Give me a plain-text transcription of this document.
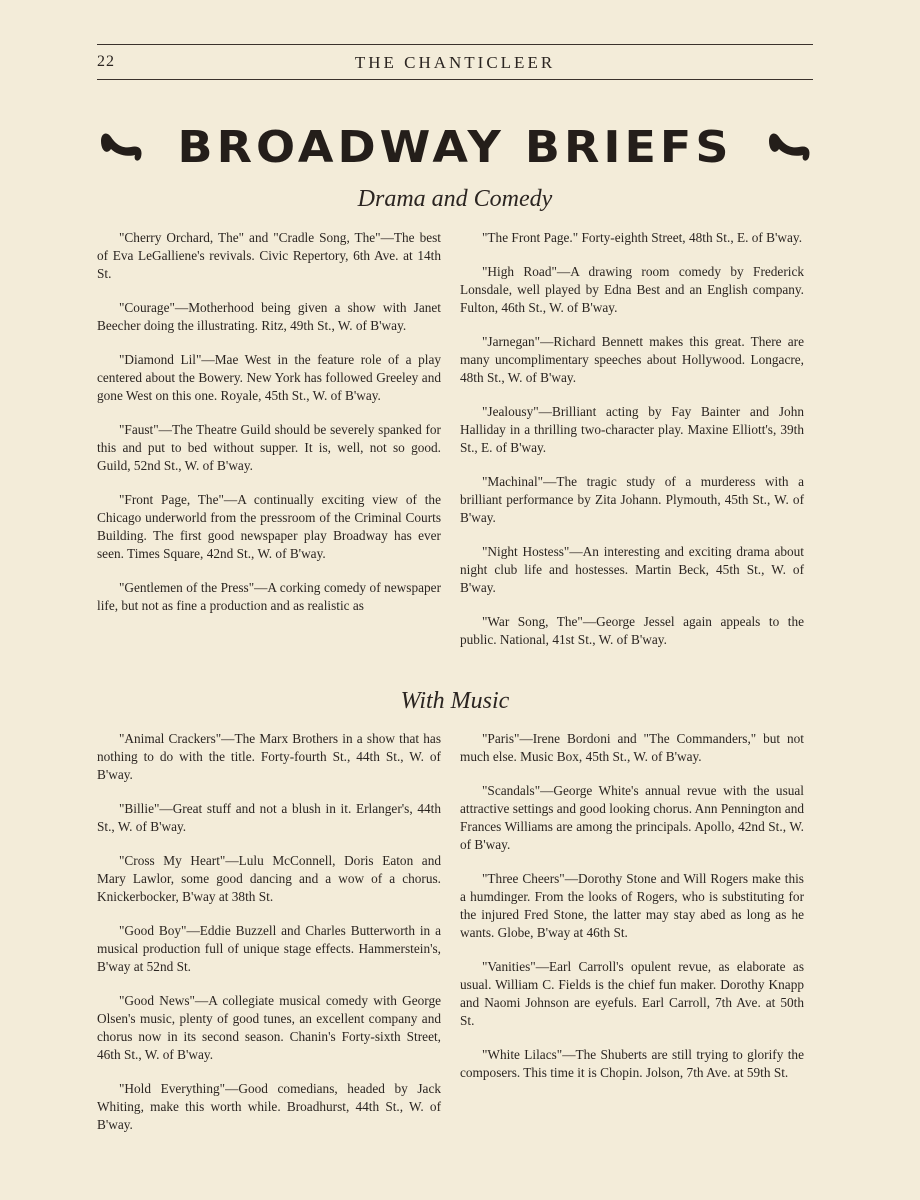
22	THE CHANTICLEER
BROADWAY BRIEFS
Drama and Comedy

"Cherry Orchard, The" and "Cradle Song, The"—The best of Eva LeGalliene's revivals. Civic Repertory, 6th Ave. at 14th St.

"Courage"—Motherhood being given a show with Janet Beecher doing the illustrating. Ritz, 49th St., W. of B'way.

"Diamond Lil"—Mae West in the feature role of a play centered about the Bowery. New York has followed Greeley and gone West on this one. Royale, 45th St., W. of B'way.

"Faust"—The Theatre Guild should be severely spanked for this and put to bed without supper. It is, well, not so good. Guild, 52nd St., W. of B'way.

"Front Page, The"—A continually exciting view of the Chicago underworld from the pressroom of the Criminal Courts Building. The first good newspaper play Broadway has ever seen. Times Square, 42nd St., W. of B'way.

"Gentlemen of the Press"—A corking comedy of newspaper life, but not as fine a production and as realistic as

"The Front Page." Forty-eighth Street, 48th St., E. of B'way.

"High Road"—A drawing room comedy by Frederick Lonsdale, well played by Edna Best and an English company. Fulton, 46th St., W. of B'way.

"Jarnegan"—Richard Bennett makes this great. There are many uncomplimentary speeches about Hollywood. Longacre, 48th St., W. of B'way.

"Jealousy"—Brilliant acting by Fay Bainter and John Halliday in a thrilling two-character play. Maxine Elliott's, 39th St., E. of B'way.

"Machinal"—The tragic study of a murderess with a brilliant performance by Zita Johann. Plymouth, 45th St., W. of B'way.

"Night Hostess"—An interesting and exciting drama about night club life and hostesses. Martin Beck, 45th St., W. of B'way.

"War Song, The"—George Jessel again appeals to the public. National, 41st St., W. of B'way.

With Music

"Animal Crackers"—The Marx Brothers in a show that has nothing to do with the title. Forty-fourth St., 44th St., W. of B'way.

"Billie"—Great stuff and not a blush in it. Erlanger's, 44th St., W. of B'way.

"Cross My Heart"—Lulu McConnell, Doris Eaton and Mary Lawlor, some good dancing and a wow of a chorus. Knickerbocker, B'way at 38th St.

"Good Boy"—Eddie Buzzell and Charles Butterworth in a musical production full of unique stage effects. Hammerstein's, B'way at 52nd St.

"Good News"—A collegiate musical comedy with George Olsen's music, plenty of good tunes, an excellent company and chorus now in its second season. Chanin's Forty-sixth Street, 46th St., W. of B'way.

"Hold Everything"—Good comedians, headed by Jack Whiting, make this worth while. Broadhurst, 44th St., W. of B'way.

"Paris"—Irene Bordoni and "The Commanders," but not much else. Music Box, 45th St., W. of B'way.

"Scandals"—George White's annual revue with the usual attractive settings and good looking chorus. Ann Pennington and Frances Williams are among the principals. Apollo, 42nd St., W. of B'way.

"Three Cheers"—Dorothy Stone and Will Rogers make this a humdinger. From the looks of Rogers, who is substituting for the injured Fred Stone, the latter may stay abed as long as he wants. Globe, B'way at 46th St.

"Vanities"—Earl Carroll's opulent revue, as elaborate as usual. William C. Fields is the chief fun maker. Dorothy Knapp and Naomi Johnson are eyefuls. Earl Carroll, 7th Ave. at 50th St.

"White Lilacs"—The Shuberts are still trying to glorify the composers. This time it is Chopin. Jolson, 7th Ave. at 59th St.
